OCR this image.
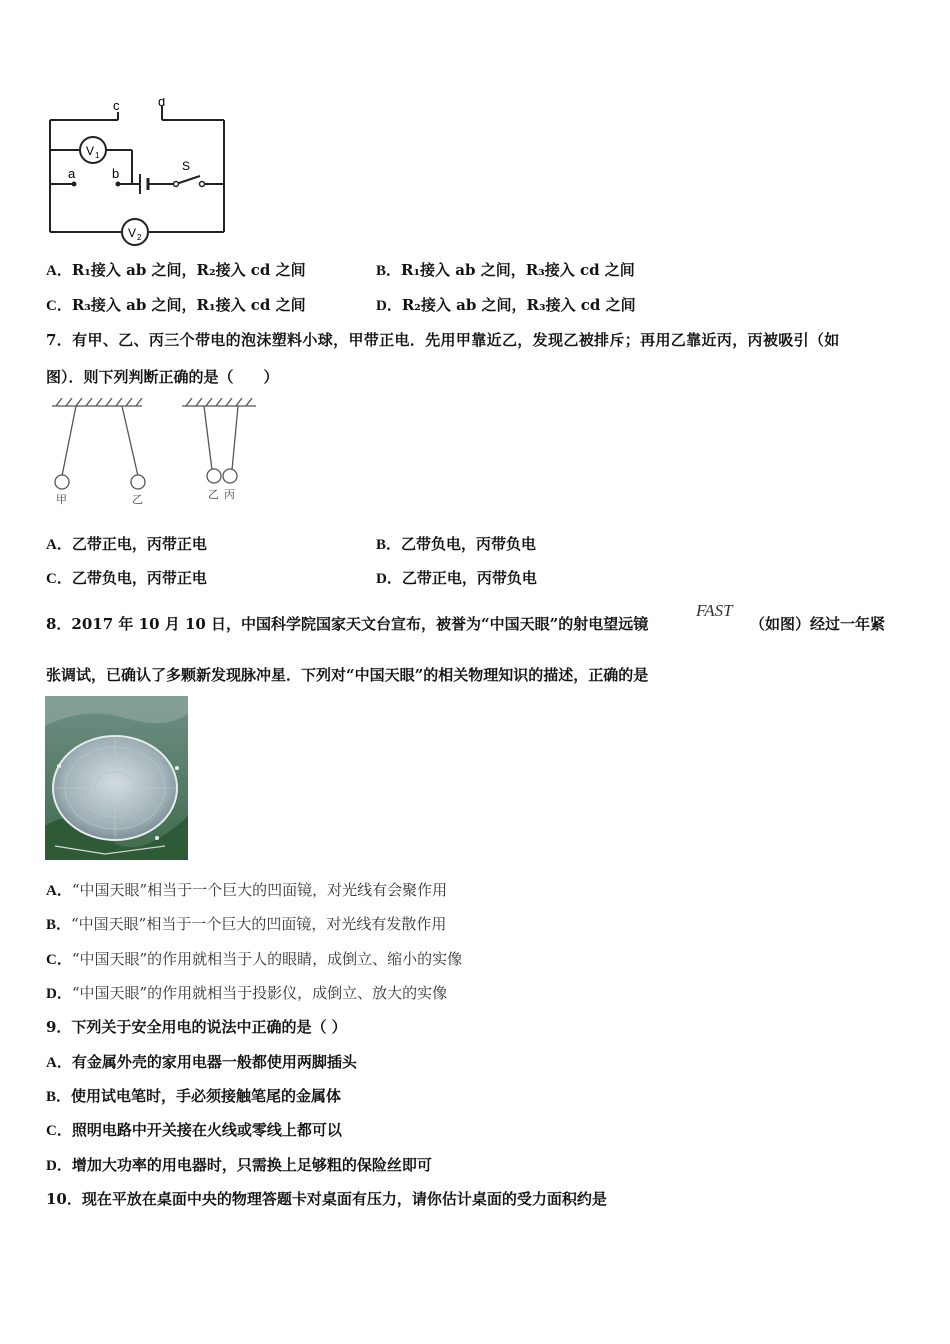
c	d
a	b	S
V 1
V 2
A．R₁接入 ab 之间，R₂接入 cd 之间	B．R₁接入 ab 之间，R₃接入 cd 之间
C．R₃接入 ab 之间，R₁接入 cd 之间	D．R₂接入 ab 之间，R₃接入 cd 之间
7．有甲、乙、丙三个带电的泡沫塑料小球，甲带正电．先用甲靠近乙，发现乙被排斥；再用乙靠近丙，丙被吸引（如
图）．则下列判断正确的是（　　）
甲	乙	乙 丙
A．乙带正电，丙带正电	B．乙带负电，丙带负电
C．乙带负电，丙带正电	D．乙带正电，丙带负电
8．2017 年 10 月 10 日，中国科学院国家天文台宣布，被誉为“中国天眼”的射电望远镜
FAST
（如图）经过一年紧
张调试，已确认了多颗新发现脉冲星．下列对“中国天眼”的相关物理知识的描述，正确的是
A．“中国天眼”相当于一个巨大的凹面镜，对光线有会聚作用
B．“中国天眼”相当于一个巨大的凹面镜，对光线有发散作用
C．“中国天眼”的作用就相当于人的眼睛，成倒立、缩小的实像
D．“中国天眼”的作用就相当于投影仪，成倒立、放大的实像
9．下列关于安全用电的说法中正确的是（ ）
A．有金属外壳的家用电器一般都使用两脚插头
B．使用试电笔时，手必须接触笔尾的金属体
C．照明电路中开关接在火线或零线上都可以
D．增加大功率的用电器时，只需换上足够粗的保险丝即可
10．现在平放在桌面中央的物理答题卡对桌面有压力，请你估计桌面的受力面积约是
